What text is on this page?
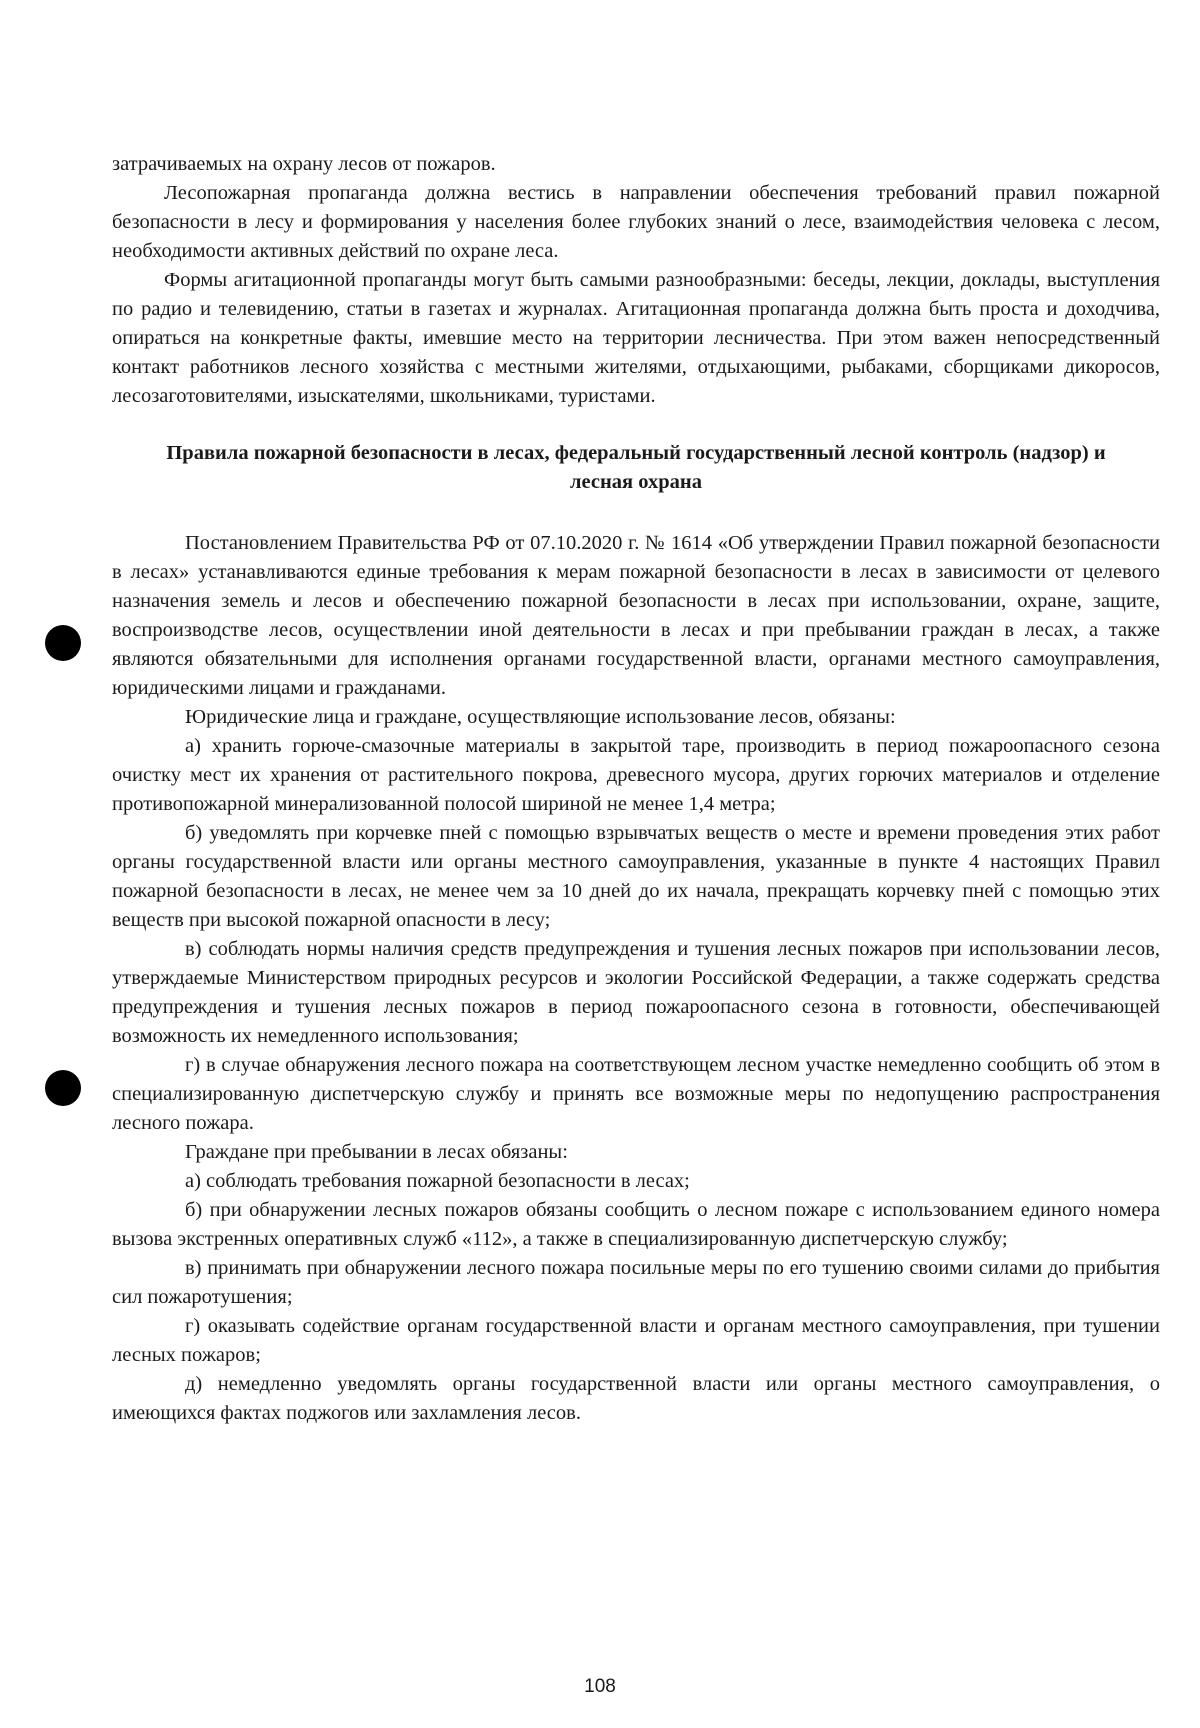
затрачиваемых на охрану лесов от пожаров.

Лесопожарная пропаганда должна вестись в направлении обеспечения требований правил пожарной безопасности в лесу и формирования у населения более глубоких знаний о лесе, взаимодействия человека с лесом, необходимости активных действий по охране леса.

Формы агитационной пропаганды могут быть самыми разнообразными: беседы, лекции, доклады, выступления по радио и телевидению, статьи в газетах и журналах. Агитационная пропаганда должна быть проста и доходчива, опираться на конкретные факты, имевшие место на территории лесничества. При этом важен непосредственный контакт работников лесного хозяйства с местными жителями, отдыхающими, рыбаками, сборщиками дикоросов, лесозаготовителями, изыскателями, школьниками, туристами.

Правила пожарной безопасности в лесах, федеральный государственный лесной контроль (надзор) и лесная охрана

Постановлением Правительства РФ от 07.10.2020 г. № 1614 «Об утверждении Правил пожарной безопасности в лесах» устанавливаются единые требования к мерам пожарной безопасности в лесах в зависимости от целевого назначения земель и лесов и обеспечению пожарной безопасности в лесах при использовании, охране, защите, воспроизводстве лесов, осуществлении иной деятельности в лесах и при пребывании граждан в лесах, а также являются обязательными для исполнения органами государственной власти, органами местного самоуправления, юридическими лицами и гражданами.

Юридические лица и граждане, осуществляющие использование лесов, обязаны:

а) хранить горюче-смазочные материалы в закрытой таре, производить в период пожароопасного сезона очистку мест их хранения от растительного покрова, древесного мусора, других горючих материалов и отделение противопожарной минерализованной полосой шириной не менее 1,4 метра;

б) уведомлять при корчевке пней с помощью взрывчатых веществ о месте и времени проведения этих работ органы государственной власти или органы местного самоуправления, указанные в пункте 4 настоящих Правил пожарной безопасности в лесах, не менее чем за 10 дней до их начала, прекращать корчевку пней с помощью этих веществ при высокой пожарной опасности в лесу;

в) соблюдать нормы наличия средств предупреждения и тушения лесных пожаров при использовании лесов, утверждаемые Министерством природных ресурсов и экологии Российской Федерации, а также содержать средства предупреждения и тушения лесных пожаров в период пожароопасного сезона в готовности, обеспечивающей возможность их немедленного использования;

г) в случае обнаружения лесного пожара на соответствующем лесном участке немедленно сообщить об этом в специализированную диспетчерскую службу и принять все возможные меры по недопущению распространения лесного пожара.

Граждане при пребывании в лесах обязаны:

а) соблюдать требования пожарной безопасности в лесах;

б) при обнаружении лесных пожаров обязаны сообщить о лесном пожаре с использованием единого номера вызова экстренных оперативных служб «112», а также в специализированную диспетчерскую службу;

в) принимать при обнаружении лесного пожара посильные меры по его тушению своими силами до прибытия сил пожаротушения;

г) оказывать содействие органам государственной власти и органам местного самоуправления, при тушении лесных пожаров;

д) немедленно уведомлять органы государственной власти или органы местного самоуправления, о имеющихся фактах поджогов или захламления лесов.

108
